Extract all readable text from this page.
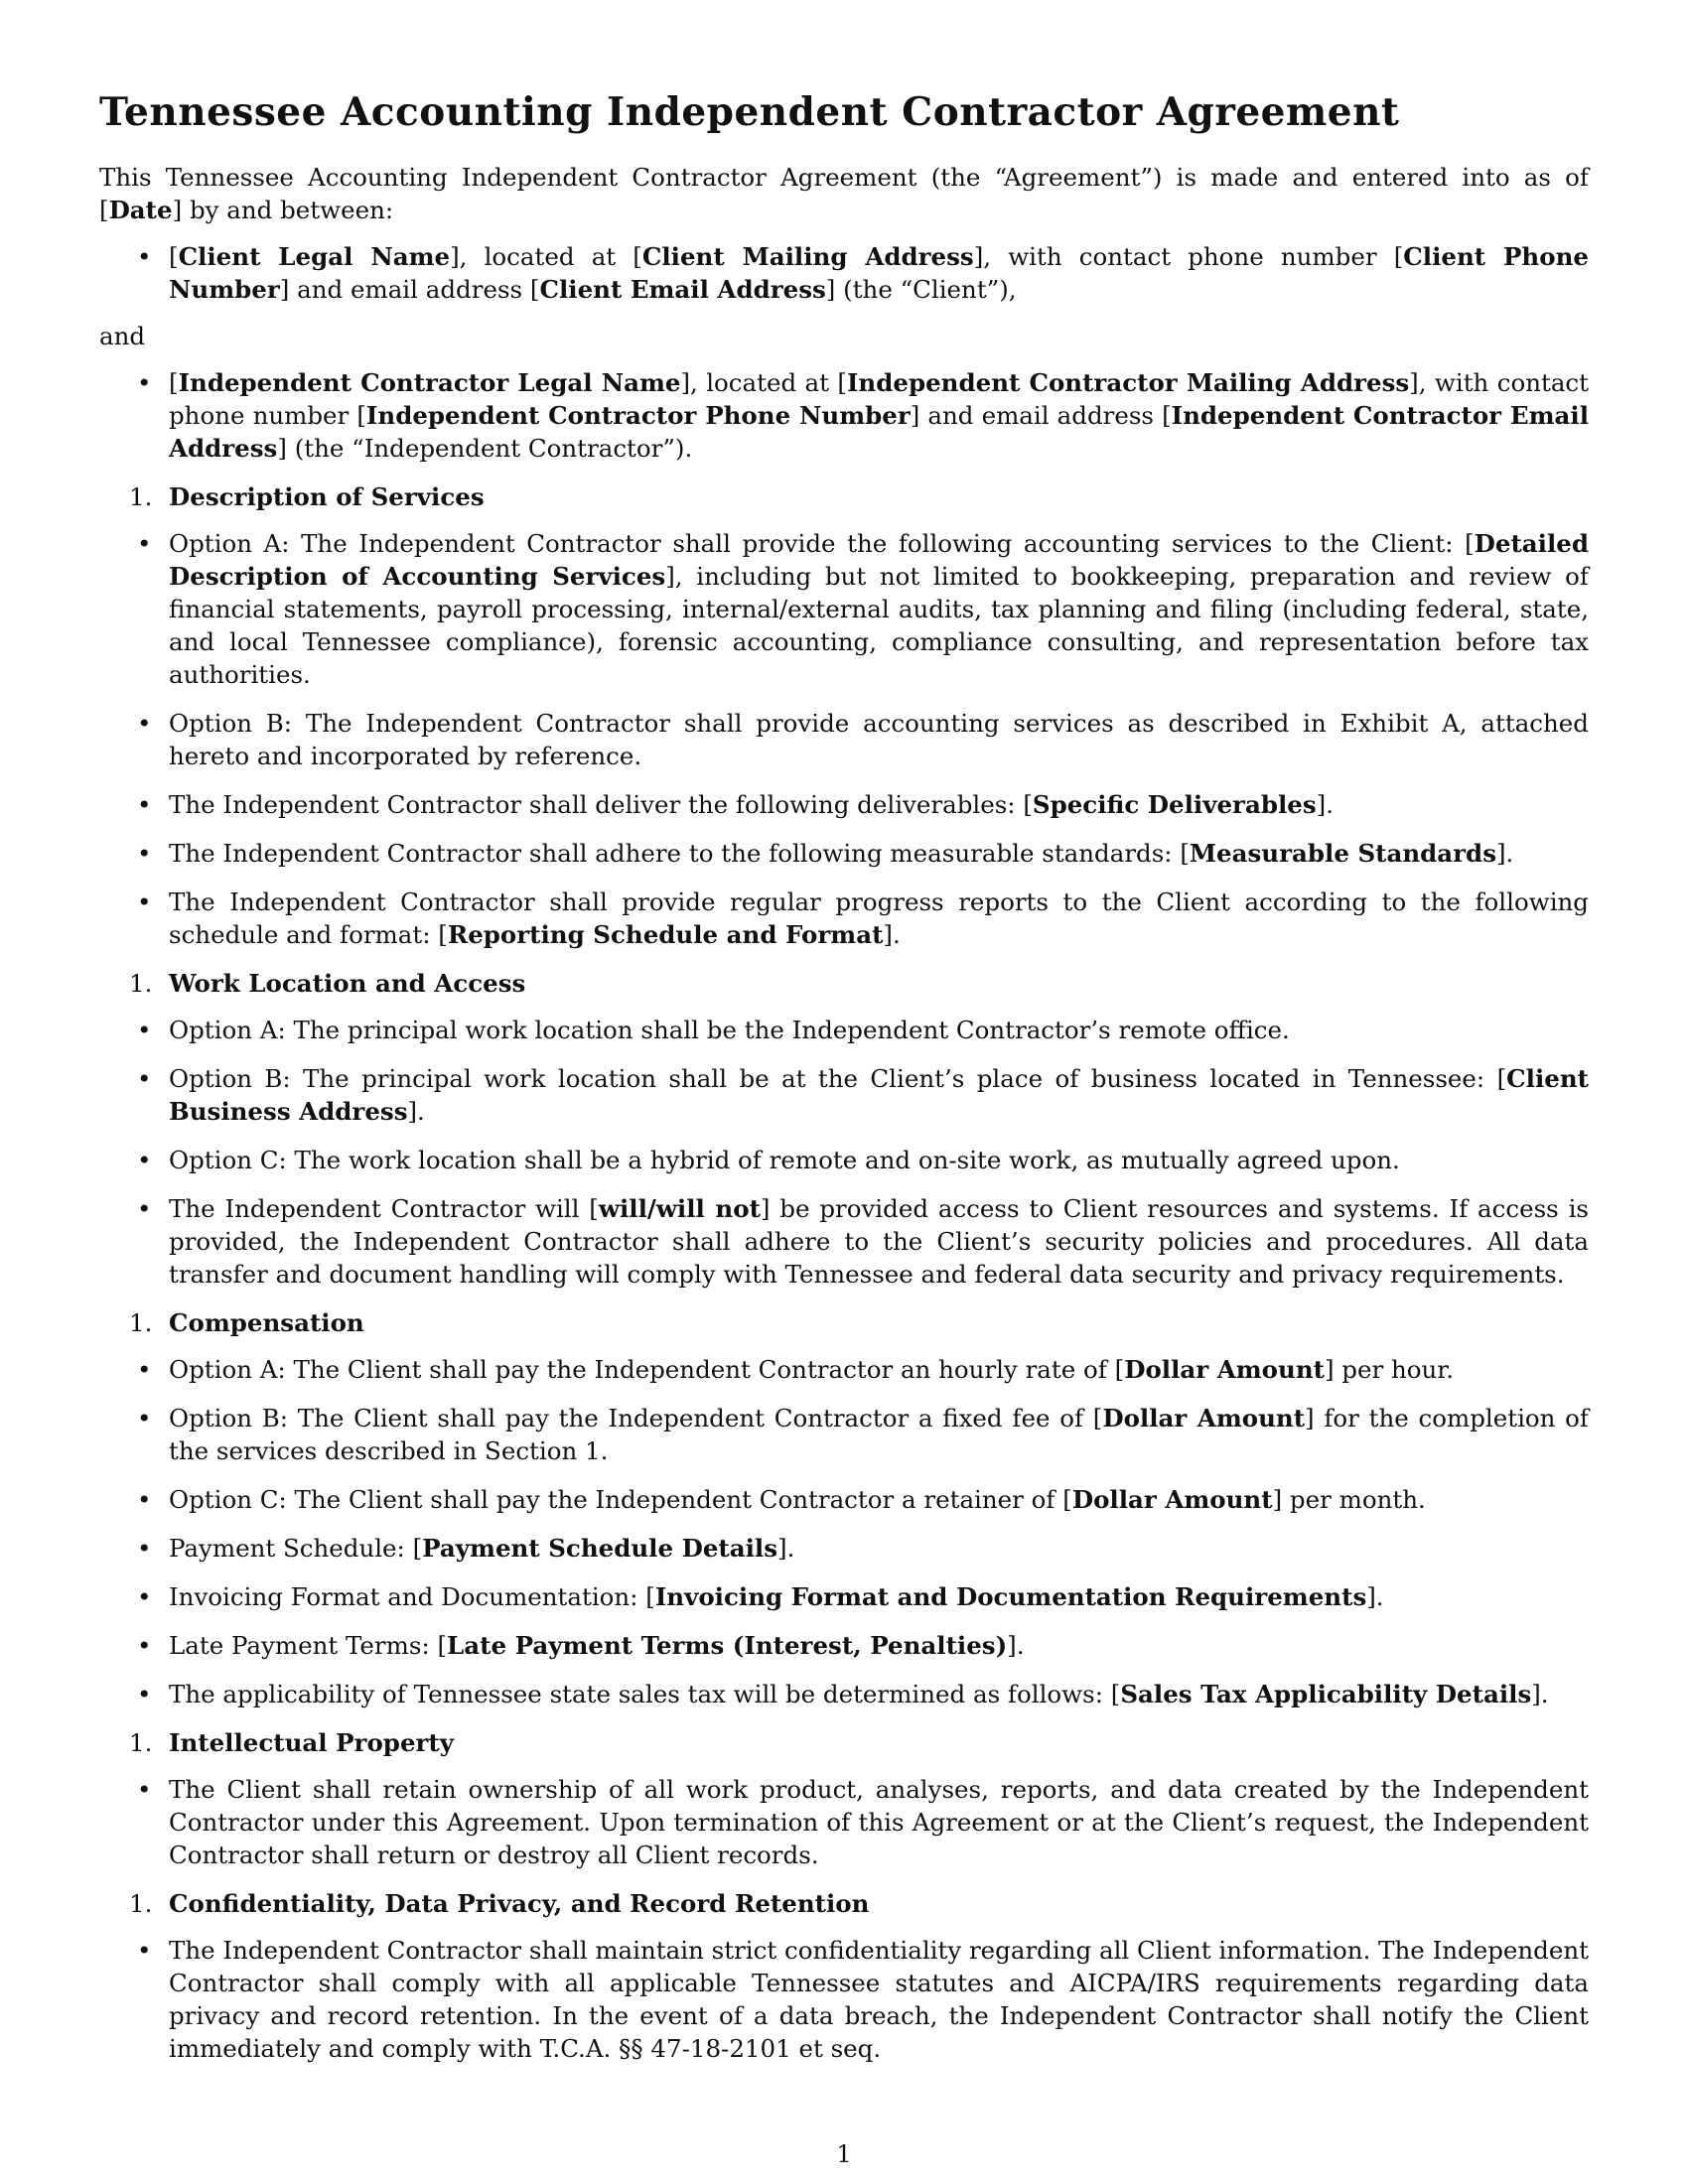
Tennessee Accounting Independent Contractor Agreement

This Tennessee Accounting Independent Contractor Agreement (the “Agreement”) is made and entered into as of [Date] by and between:

• [Client Legal Name], located at [Client Mailing Address], with contact phone number [Client Phone Number] and email address [Client Email Address] (the “Client”),

and

• [Independent Contractor Legal Name], located at [Independent Contractor Mailing Address], with contact phone number [Independent Contractor Phone Number] and email address [Independent Contractor Email Address] (the “Independent Contractor”).
1. Description of Services
• Option A: The Independent Contractor shall provide the following accounting services to the Client: [Detailed Description of Accounting Services], including but not limited to bookkeeping, preparation and review of financial statements, payroll processing, internal/external audits, tax planning and filing (including federal, state, and local Tennessee compliance), forensic accounting, compliance consulting, and representation before tax authorities.
• Option B: The Independent Contractor shall provide accounting services as described in Exhibit A, attached hereto and incorporated by reference.
• The Independent Contractor shall deliver the following deliverables: [Specific Deliverables].
• The Independent Contractor shall adhere to the following measurable standards: [Measurable Standards].
• The Independent Contractor shall provide regular progress reports to the Client according to the following schedule and format: [Reporting Schedule and Format].
1. Work Location and Access
• Option A: The principal work location shall be the Independent Contractor’s remote office.
• Option B: The principal work location shall be at the Client’s place of business located in Tennessee: [Client Business Address].
• Option C: The work location shall be a hybrid of remote and on-site work, as mutually agreed upon.
• The Independent Contractor will [will/will not] be provided access to Client resources and systems. If access is provided, the Independent Contractor shall adhere to the Client’s security policies and procedures. All data transfer and document handling will comply with Tennessee and federal data security and privacy requirements.
1. Compensation
• Option A: The Client shall pay the Independent Contractor an hourly rate of [Dollar Amount] per hour.
• Option B: The Client shall pay the Independent Contractor a fixed fee of [Dollar Amount] for the completion of the services described in Section 1.
• Option C: The Client shall pay the Independent Contractor a retainer of [Dollar Amount] per month.
• Payment Schedule: [Payment Schedule Details].
• Invoicing Format and Documentation: [Invoicing Format and Documentation Requirements].
• Late Payment Terms: [Late Payment Terms (Interest, Penalties)].
• The applicability of Tennessee state sales tax will be determined as follows: [Sales Tax Applicability Details].
1. Intellectual Property
• The Client shall retain ownership of all work product, analyses, reports, and data created by the Independent Contractor under this Agreement. Upon termination of this Agreement or at the Client’s request, the Independent Contractor shall return or destroy all Client records.
1. Confidentiality, Data Privacy, and Record Retention
• The Independent Contractor shall maintain strict confidentiality regarding all Client information. The Independent Contractor shall comply with all applicable Tennessee statutes and AICPA/IRS requirements regarding data privacy and record retention. In the event of a data breach, the Independent Contractor shall notify the Client immediately and comply with T.C.A. §§ 47-18-2101 et seq.
1
